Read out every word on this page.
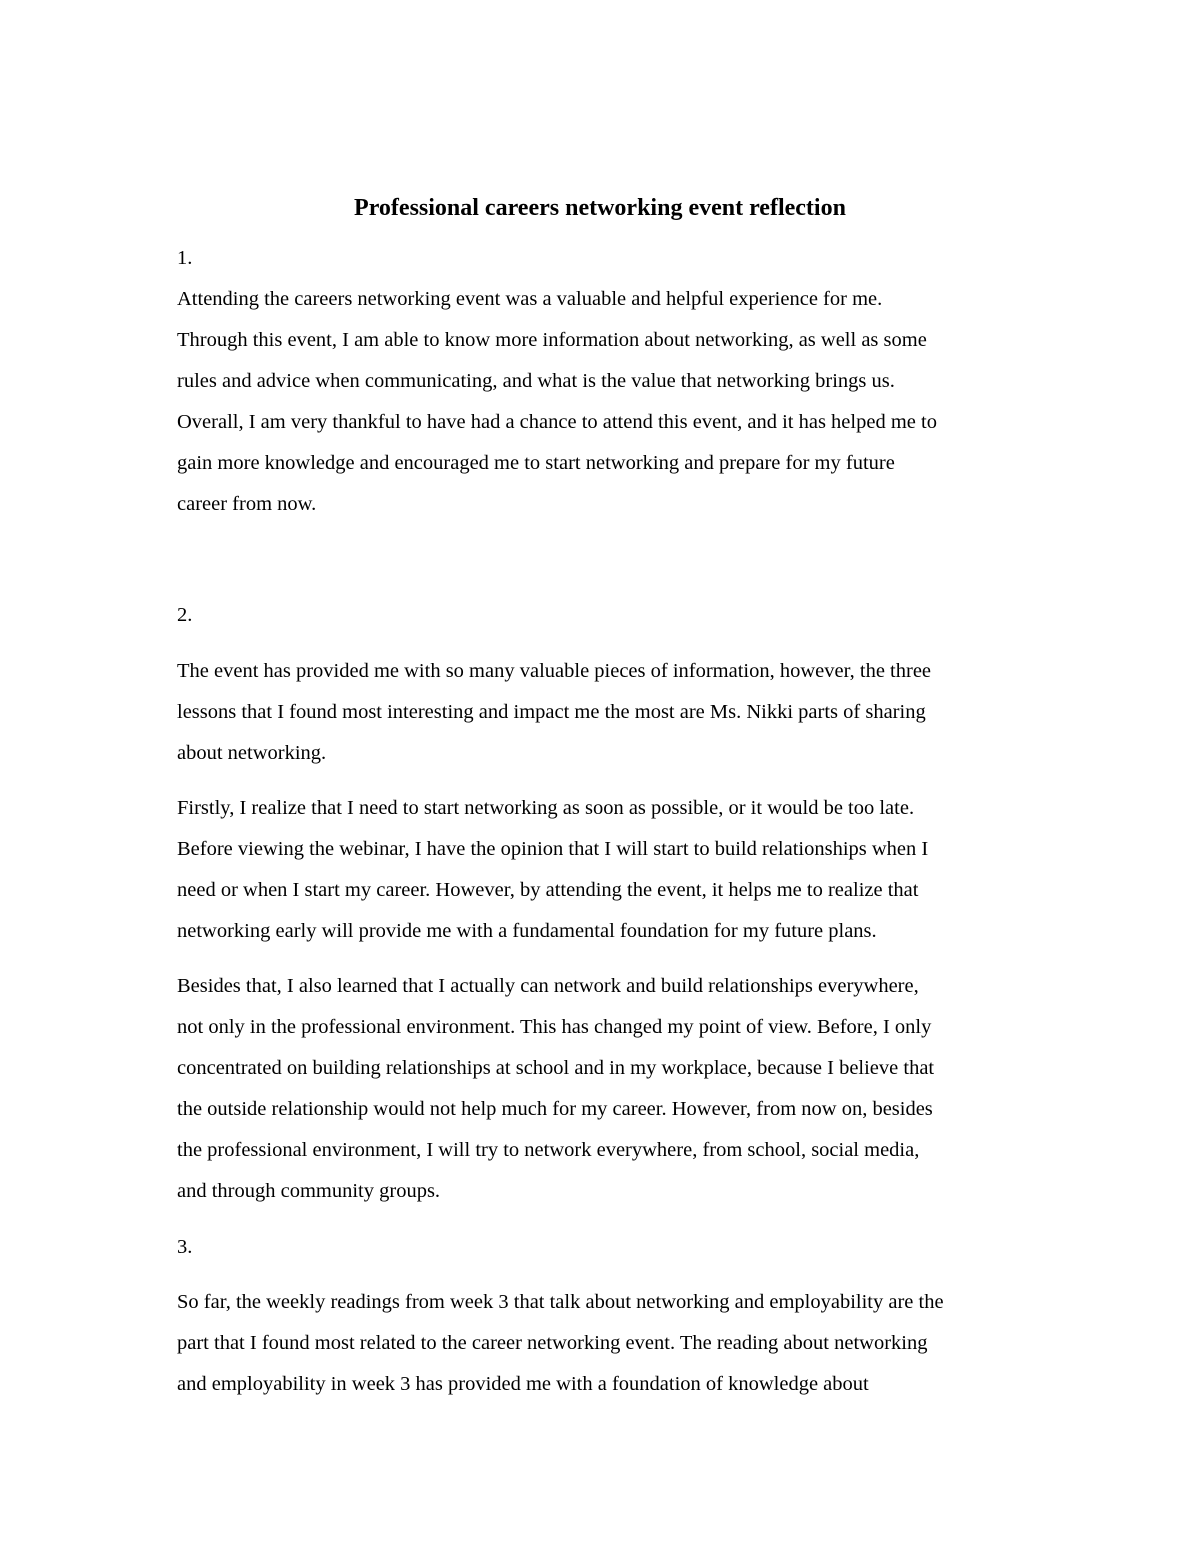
Professional careers networking event reflection
1.
Attending the careers networking event was a valuable and helpful experience for me.
Through this event, I am able to know more information about networking, as well as some
rules and advice when communicating, and what is the value that networking brings us.
Overall, I am very thankful to have had a chance to attend this event, and it has helped me to
gain more knowledge and encouraged me to start networking and prepare for my future
career from now.
2.
The event has provided me with so many valuable pieces of information, however, the three
lessons that I found most interesting and impact me the most are Ms. Nikki parts of sharing
about networking.
Firstly, I realize that I need to start networking as soon as possible, or it would be too late.
Before viewing the webinar, I have the opinion that I will start to build relationships when I
need or when I start my career. However, by attending the event, it helps me to realize that
networking early will provide me with a fundamental foundation for my future plans.
Besides that, I also learned that I actually can network and build relationships everywhere,
not only in the professional environment. This has changed my point of view. Before, I only
concentrated on building relationships at school and in my workplace, because I believe that
the outside relationship would not help much for my career. However, from now on, besides
the professional environment, I will try to network everywhere, from school, social media,
and through community groups.
3.
So far, the weekly readings from week 3 that talk about networking and employability are the
part that I found most related to the career networking event. The reading about networking
and employability in week 3 has provided me with a foundation of knowledge about
